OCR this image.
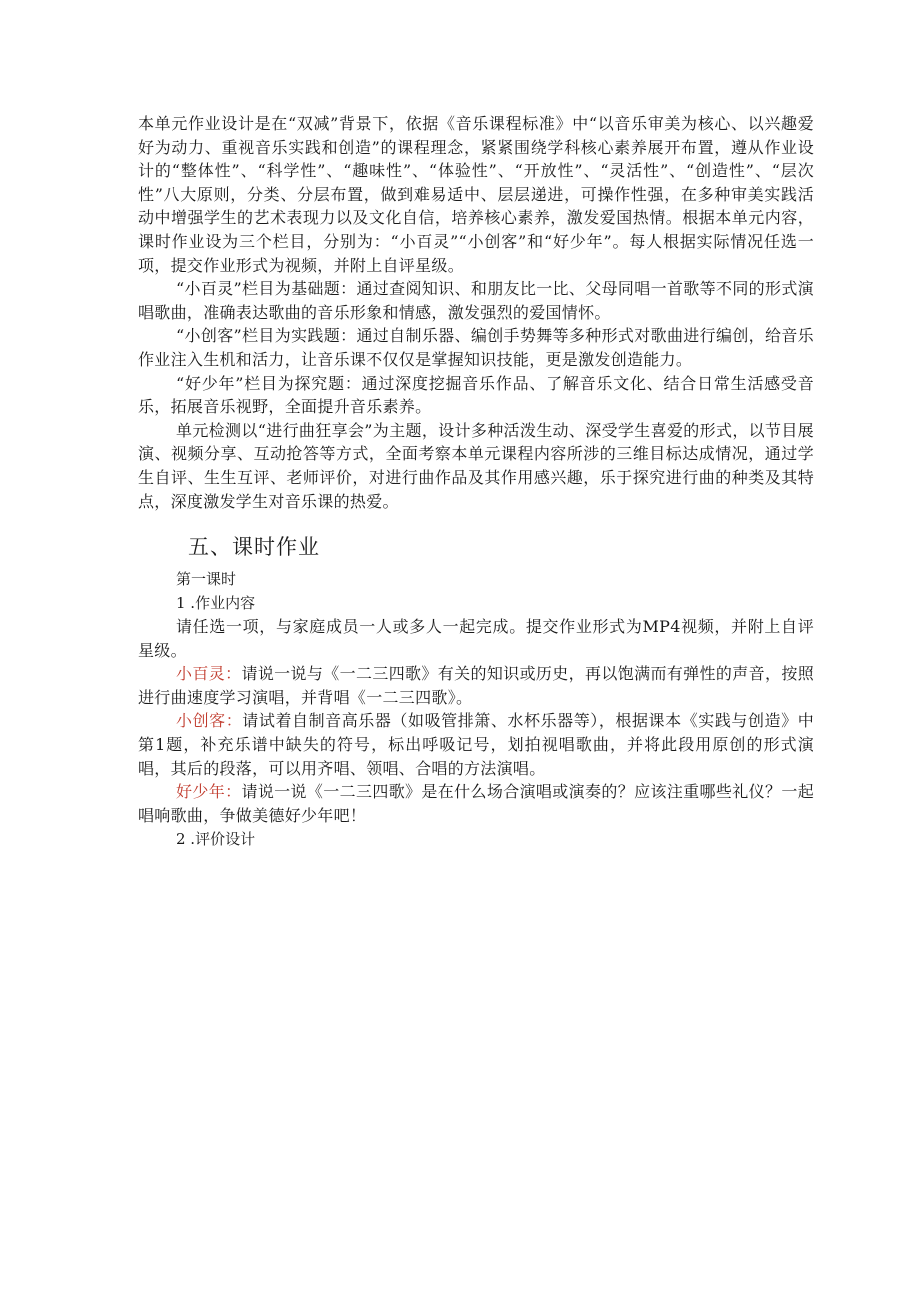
本单元作业设计是在“双减”背景下，依据《音乐课程标准》中“以音乐审美为核心、以兴趣爱好为动力、重视音乐实践和创造”的课程理念，紧紧围绕学科核心素养展开布置，遵从作业设计的“整体性”、“科学性”、“趣味性”、“体验性”、“开放性”、“灵活性”、“创造性”、“层次性”八大原则，分类、分层布置，做到难易适中、层层递进，可操作性强，在多种审美实践活动中增强学生的艺术表现力以及文化自信，培养核心素养，激发爱国热情。根据本单元内容，课时作业设为三个栏目，分别为：“小百灵”“小创客”和“好少年”。每人根据实际情况任选一项，提交作业形式为视频，并附上自评星级。

“小百灵”栏目为基础题：通过查阅知识、和朋友比一比、父母同唱一首歌等不同的形式演唱歌曲，准确表达歌曲的音乐形象和情感，激发强烈的爱国情怀。

“小创客”栏目为实践题：通过自制乐器、编创手势舞等多种形式对歌曲进行编创，给音乐作业注入生机和活力，让音乐课不仅仅是掌握知识技能，更是激发创造能力。

“好少年”栏目为探究题：通过深度挖掘音乐作品、了解音乐文化、结合日常生活感受音乐，拓展音乐视野，全面提升音乐素养。

单元检测以“进行曲狂享会”为主题，设计多种活泼生动、深受学生喜爱的形式，以节目展演、视频分享、互动抢答等方式，全面考察本单元课程内容所涉的三维目标达成情况，通过学生自评、生生互评、老师评价，对进行曲作品及其作用感兴趣，乐于探究进行曲的种类及其特点，深度激发学生对音乐课的热爱。

五、课时作业

第一课时

1 .作业内容

请任选一项，与家庭成员一人或多人一起完成。提交作业形式为MP4视频，并附上自评星级。

小百灵：请说一说与《一二三四歌》有关的知识或历史，再以饱满而有弹性的声音，按照进行曲速度学习演唱，并背唱《一二三四歌》。

小创客：请试着自制音高乐器（如吸管排箫、水杯乐器等），根据课本《实践与创造》中第1题，补充乐谱中缺失的符号，标出呼吸记号，划拍视唱歌曲，并将此段用原创的形式演唱，其后的段落，可以用齐唱、领唱、合唱的方法演唱。

好少年：请说一说《一二三四歌》是在什么场合演唱或演奏的？应该注重哪些礼仪？一起唱响歌曲，争做美德好少年吧！

2 .评价设计
